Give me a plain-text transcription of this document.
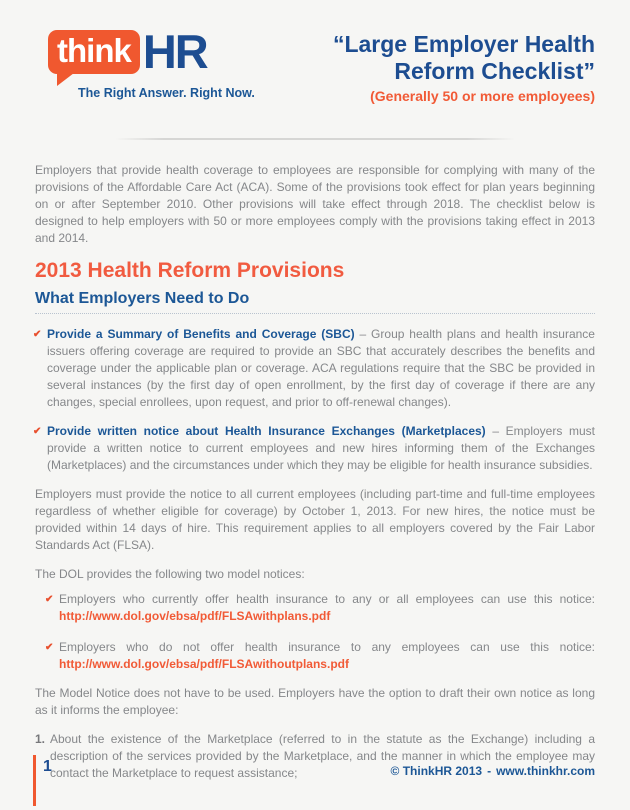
think HR
The Right Answer. Right Now.
“Large Employer Health
Reform Checklist”
(Generally 50 or more employees)

Employers that provide health coverage to employees are responsible for complying with many of the provisions of the Affordable Care Act (ACA). Some of the provisions took effect for plan years beginning on or after September 2010. Other provisions will take effect through 2018. The checklist below is designed to help employers with 50 or more employees comply with the provisions taking effect in 2013 and 2014.

2013 Health Reform Provisions
What Employers Need to Do

✔ Provide a Summary of Benefits and Coverage (SBC) – Group health plans and health insurance issuers offering coverage are required to provide an SBC that accurately describes the benefits and coverage under the applicable plan or coverage. ACA regulations require that the SBC be provided in several instances (by the first day of open enrollment, by the first day of coverage if there are any changes, special enrollees, upon request, and prior to off-renewal changes).

✔ Provide written notice about Health Insurance Exchanges (Marketplaces) – Employers must provide a written notice to current employees and new hires informing them of the Exchanges (Marketplaces) and the circumstances under which they may be eligible for health insurance subsidies.

Employers must provide the notice to all current employees (including part-time and full-time employees regardless of whether eligible for coverage) by October 1, 2013. For new hires, the notice must be provided within 14 days of hire. This requirement applies to all employers covered by the Fair Labor Standards Act (FLSA).

The DOL provides the following two model notices:

✔ Employers who currently offer health insurance to any or all employees can use this notice: http://www.dol.gov/ebsa/pdf/FLSAwithplans.pdf

✔ Employers who do not offer health insurance to any employees can use this notice: http://www.dol.gov/ebsa/pdf/FLSAwithoutplans.pdf

The Model Notice does not have to be used. Employers have the option to draft their own notice as long as it informs the employee:

1. About the existence of the Marketplace (referred to in the statute as the Exchange) including a description of the services provided by the Marketplace, and the manner in which the employee may contact the Marketplace to request assistance;

1	© ThinkHR 2013 - www.thinkhr.com
